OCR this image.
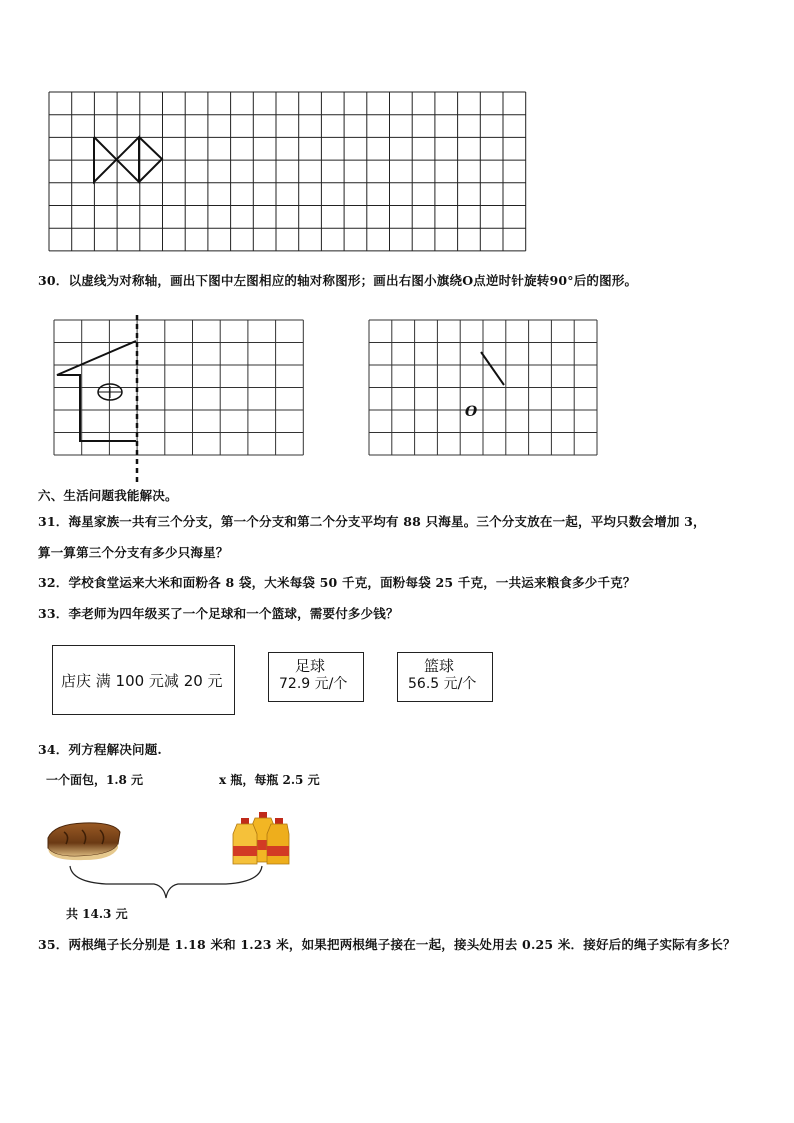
30．以虚线为对称轴，画出下图中左图相应的轴对称图形；画出右图小旗绕O点逆时针旋转90°后的图形。
O
六、生活问题我能解决。
31．海星家族一共有三个分支，第一个分支和第二个分支平均有 88 只海星。三个分支放在一起，平均只数会增加 3，
算一算第三个分支有多少只海星？
32．学校食堂运来大米和面粉各 8 袋，大米每袋 50 千克，面粉每袋 25 千克，一共运来粮食多少千克？
33．李老师为四年级买了一个足球和一个篮球，需要付多少钱？
店庆 满 100 元减 20 元
足球
72.9 元/个
篮球
56.5 元/个
34．列方程解决问题.
一个面包，1.8 元	x 瓶，每瓶 2.5 元
共 14.3 元
35．两根绳子长分别是 1.18 米和 1.23 米，如果把两根绳子接在一起，接头处用去 0.25 米．接好后的绳子实际有多长？
